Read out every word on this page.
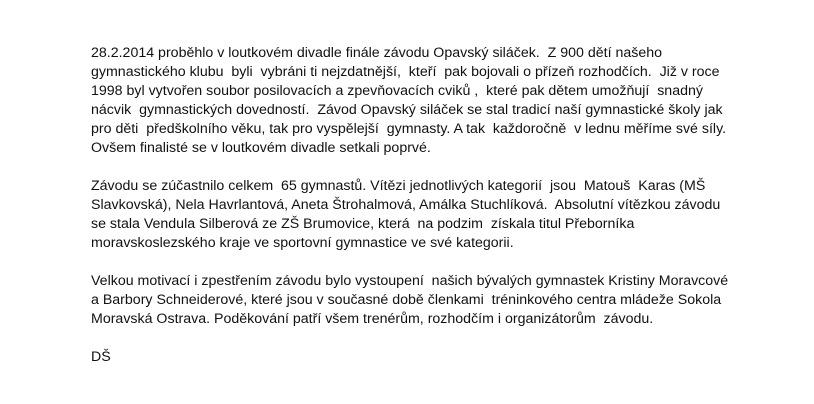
28.2.2014 proběhlo v loutkovém divadle finále závodu Opavský siláček.  Z 900 dětí našeho

gymnastického klubu  byli  vybráni ti nejzdatnější,  kteří  pak bojovali o přízeň rozhodčích.  Již v roce

1998 byl vytvořen soubor posilovacích a zpevňovacích cviků ,  které pak dětem umožňují  snadný

nácvik  gymnastických dovedností.  Závod Opavský siláček se stal tradicí naší gymnastické školy jak

pro děti  předškolního věku, tak pro vyspělejší  gymnasty. A tak  každoročně  v lednu měříme své síly.

Ovšem finalisté se v loutkovém divadle setkali poprvé.

Závodu se zúčastnilo celkem  65 gymnastů. Vítězi jednotlivých kategorií  jsou  Matouš  Karas (MŠ

Slavkovská), Nela Havrlantová, Aneta Štrohalmová, Amálka Stuchlíková.  Absolutní vítězkou závodu

se stala Vendula Silberová ze ZŠ Brumovice, která  na podzim  získala titul Přeborníka

moravskoslezského kraje ve sportovní gymnastice ve své kategorii.

Velkou motivací i zpestřením závodu bylo vystoupení  našich bývalých gymnastek Kristiny Moravcové

a Barbory Schneiderové, které jsou v současné době členkami  tréninkového centra mládeže Sokola

Moravská Ostrava. Poděkování patří všem trenérům, rozhodčím i organizátorům  závodu.

DŠ
